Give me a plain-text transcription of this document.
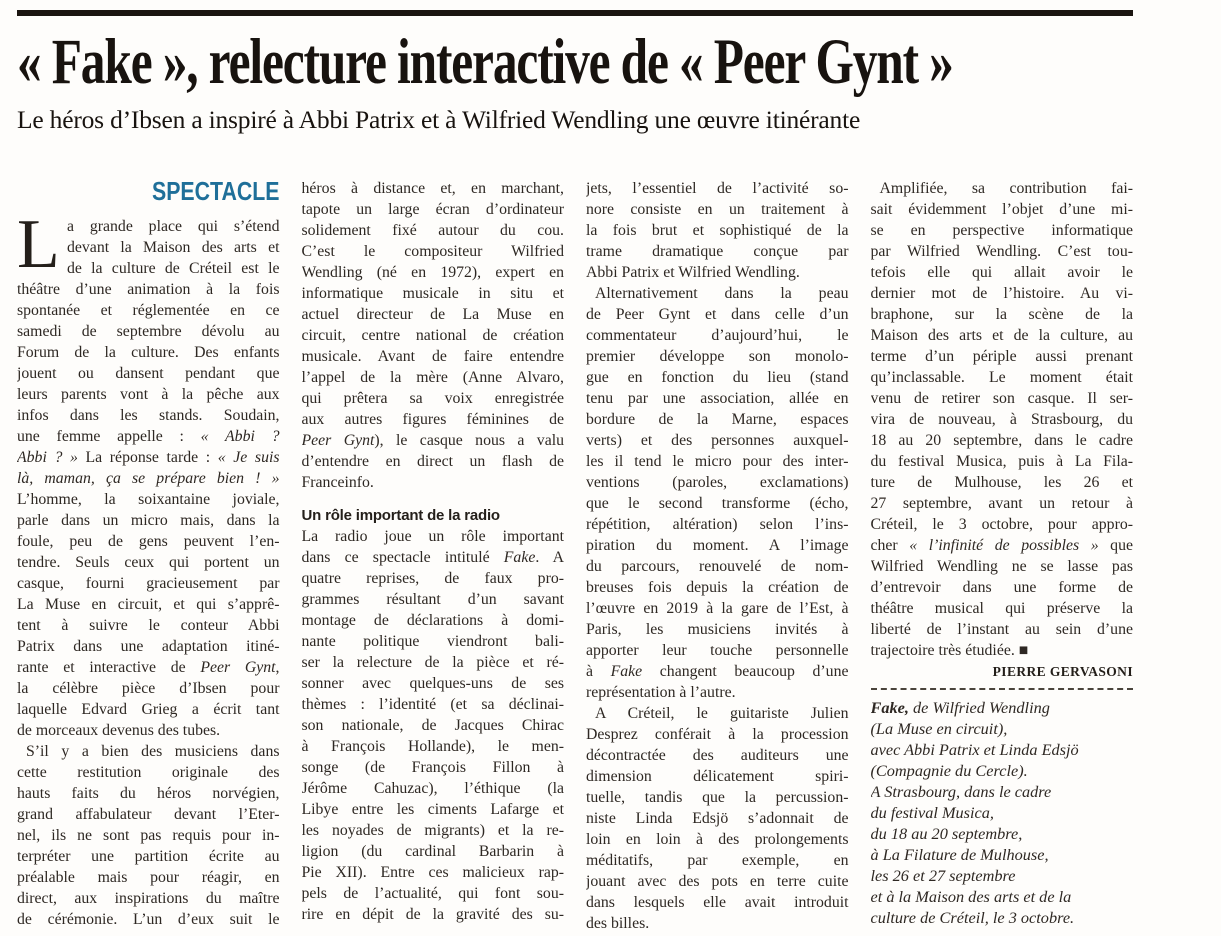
« Fake », relecture interactive de « Peer Gynt »
Le héros d’Ibsen a inspiré à Abbi Patrix et à Wilfried Wendling une œuvre itinérante
SPECTACLE
L a grande place qui s’étend
devant la Maison des arts et
de la culture de Créteil est le
théâtre d’une animation à la fois
spontanée et réglementée en ce
samedi de septembre dévolu au
Forum de la culture. Des enfants
jouent ou dansent pendant que
leurs parents vont à la pêche aux
infos dans les stands. Soudain,
une femme appelle : « Abbi ?
Abbi ? » La réponse tarde : « Je suis
là, maman, ça se prépare bien ! »
L’homme, la soixantaine joviale,
parle dans un micro mais, dans la
foule, peu de gens peuvent l’en-
tendre. Seuls ceux qui portent un
casque, fourni gracieusement par
La Muse en circuit, et qui s’apprê-
tent à suivre le conteur Abbi
Patrix dans une adaptation itiné-
rante et interactive de Peer Gynt,
la célèbre pièce d’Ibsen pour
laquelle Edvard Grieg a écrit tant
de morceaux devenus des tubes.
S’il y a bien des musiciens dans
cette restitution originale des
hauts faits du héros norvégien,
grand affabulateur devant l’Eter-
nel, ils ne sont pas requis pour in-
terpréter une partition écrite au
préalable mais pour réagir, en
direct, aux inspirations du maître
de cérémonie. L’un d’eux suit le
héros à distance et, en marchant,
tapote un large écran d’ordinateur
solidement fixé autour du cou.
C’est le compositeur Wilfried
Wendling (né en 1972), expert en
informatique musicale in situ et
actuel directeur de La Muse en
circuit, centre national de création
musicale. Avant de faire entendre
l’appel de la mère (Anne Alvaro,
qui prêtera sa voix enregistrée
aux autres figures féminines de
Peer Gynt), le casque nous a valu
d’entendre en direct un flash de
Franceinfo.
Un rôle important de la radio
La radio joue un rôle important
dans ce spectacle intitulé Fake. A
quatre reprises, de faux pro-
grammes résultant d’un savant
montage de déclarations à domi-
nante politique viendront bali-
ser la relecture de la pièce et ré-
sonner avec quelques-uns de ses
thèmes : l’identité (et sa déclinai-
son nationale, de Jacques Chirac
à François Hollande), le men-
songe (de François Fillon à
Jérôme Cahuzac), l’éthique (la
Libye entre les ciments Lafarge et
les noyades de migrants) et la re-
ligion (du cardinal Barbarin à
Pie XII). Entre ces malicieux rap-
pels de l’actualité, qui font sou-
rire en dépit de la gravité des su-
jets, l’essentiel de l’activité so-
nore consiste en un traitement à
la fois brut et sophistiqué de la
trame dramatique conçue par
Abbi Patrix et Wilfried Wendling.
Alternativement dans la peau
de Peer Gynt et dans celle d’un
commentateur d’aujourd’hui, le
premier développe son monolo-
gue en fonction du lieu (stand
tenu par une association, allée en
bordure de la Marne, espaces
verts) et des personnes auxquel-
les il tend le micro pour des inter-
ventions (paroles, exclamations)
que le second transforme (écho,
répétition, altération) selon l’ins-
piration du moment. A l’image
du parcours, renouvelé de nom-
breuses fois depuis la création de
l’œuvre en 2019 à la gare de l’Est, à
Paris, les musiciens invités à
apporter leur touche personnelle
à Fake changent beaucoup d’une
représentation à l’autre.
A Créteil, le guitariste Julien
Desprez conférait à la procession
décontractée des auditeurs une
dimension délicatement spiri-
tuelle, tandis que la percussion-
niste Linda Edsjö s’adonnait de
loin en loin à des prolongements
méditatifs, par exemple, en
jouant avec des pots en terre cuite
dans lesquels elle avait introduit
des billes.
Amplifiée, sa contribution fai-
sait évidemment l’objet d’une mi-
se en perspective informatique
par Wilfried Wendling. C’est tou-
tefois elle qui allait avoir le
dernier mot de l’histoire. Au vi-
braphone, sur la scène de la
Maison des arts et de la culture, au
terme d’un périple aussi prenant
qu’inclassable. Le moment était
venu de retirer son casque. Il ser-
vira de nouveau, à Strasbourg, du
18 au 20 septembre, dans le cadre
du festival Musica, puis à La Fila-
ture de Mulhouse, les 26 et
27 septembre, avant un retour à
Créteil, le 3 octobre, pour appro-
cher « l’infinité de possibles » que
Wilfried Wendling ne se lasse pas
d’entrevoir dans une forme de
théâtre musical qui préserve la
liberté de l’instant au sein d’une
trajectoire très étudiée. ■
PIERRE GERVASONI
Fake, de Wilfried Wendling
(La Muse en circuit),
avec Abbi Patrix et Linda Edsjö
(Compagnie du Cercle).
A Strasbourg, dans le cadre
du festival Musica,
du 18 au 20 septembre,
à La Filature de Mulhouse,
les 26 et 27 septembre
et à la Maison des arts et de la
culture de Créteil, le 3 octobre.
